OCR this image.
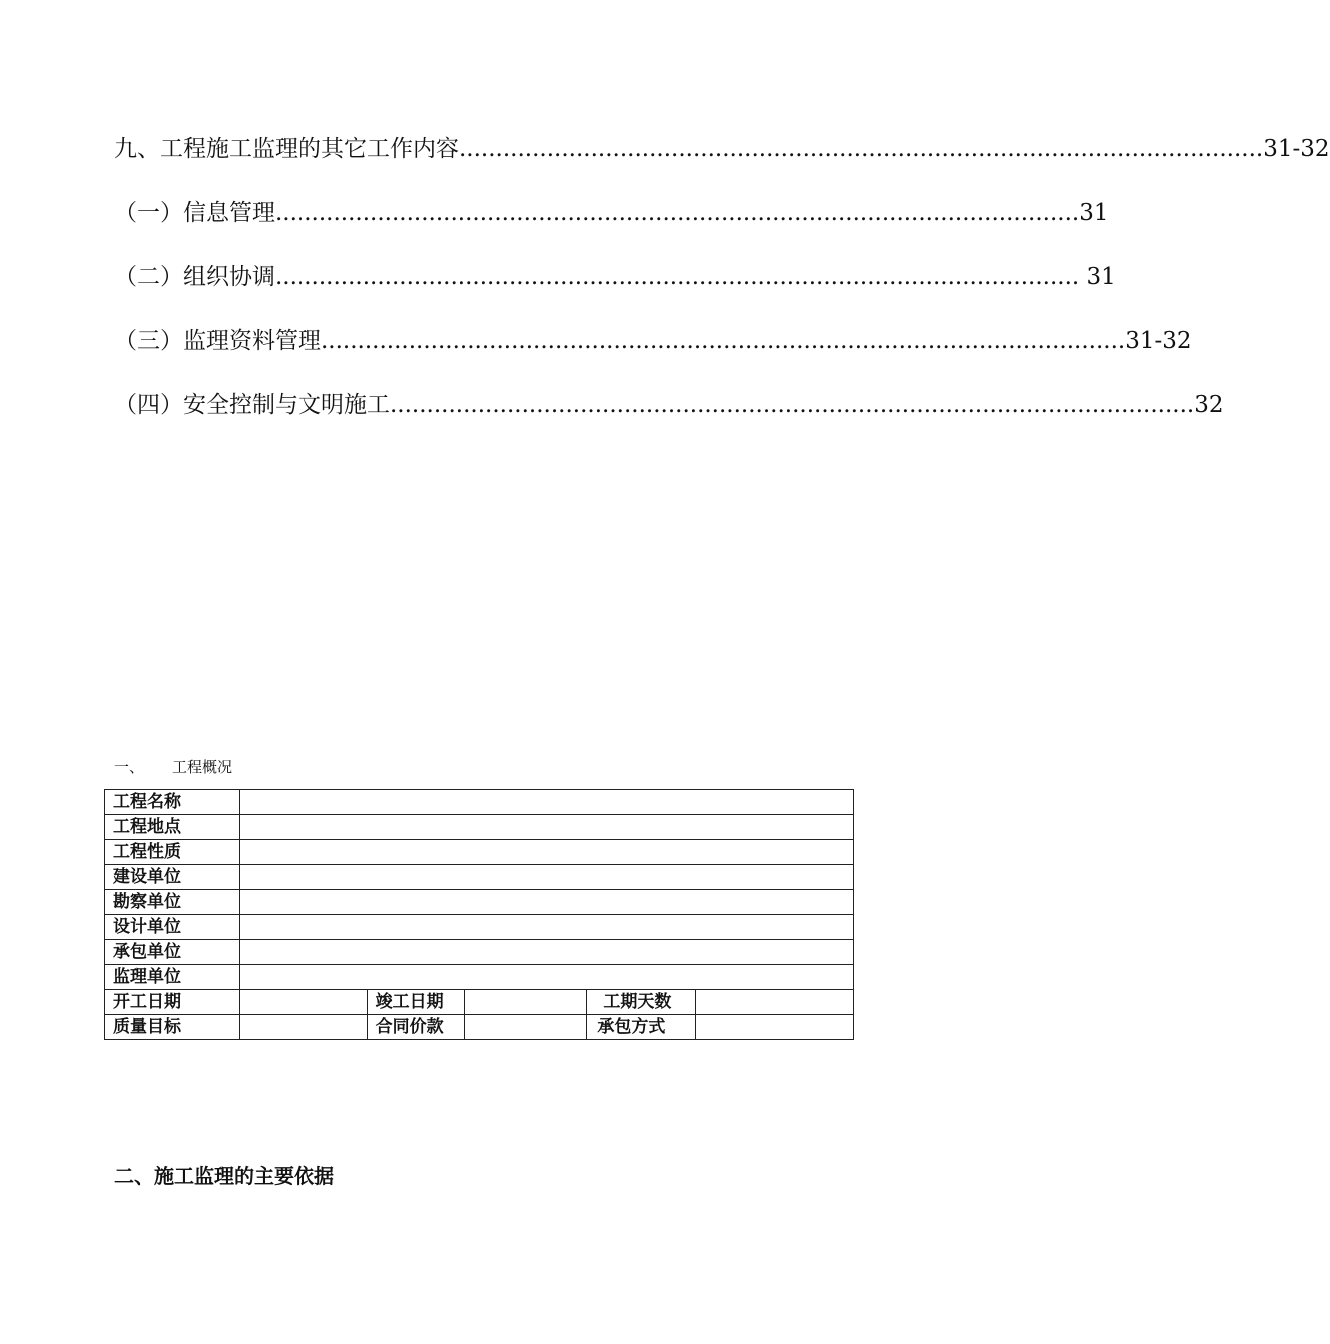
九、工程施工监理的其它工作内容 .............................................................................................................. 31-32
（一）信息管理 .............................................................................................................. 31
（二）组织协调 .............................................................................................................. 31
（三）监理资料管理 .............................................................................................................. 31-32
（四）安全控制与文明施工 .............................................................................................................. 32
一、 工程概况
工程名称					
工程地点					
工程性质					
建设单位					
勘察单位					
设计单位					
承包单位					
监理单位					
开工日期		竣工日期		工期天数	
质量目标		合同价款		承包方式	
二、施工监理的主要依据
